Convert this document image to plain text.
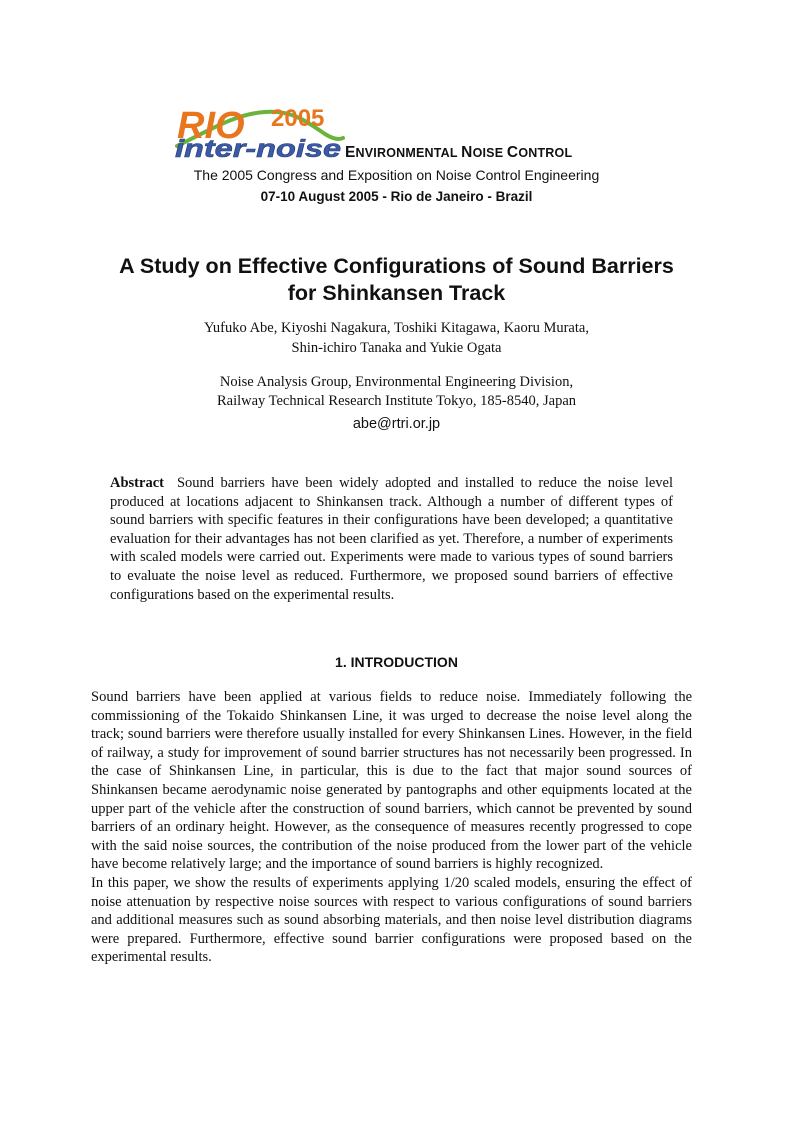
RIO 2005
inter-noise ENVIRONMENTAL NOISE CONTROL
The 2005 Congress and Exposition on Noise Control Engineering
07-10 August 2005 - Rio de Janeiro - Brazil
A Study on Effective Configurations of Sound Barriers
for Shinkansen Track
Yufuko Abe, Kiyoshi Nagakura, Toshiki Kitagawa, Kaoru Murata,
Shin-ichiro Tanaka and Yukie Ogata
Noise Analysis Group, Environmental Engineering Division,
Railway Technical Research Institute Tokyo, 185-8540, Japan
abe@rtri.or.jp
Abstract Sound barriers have been widely adopted and installed to reduce the noise level produced at locations adjacent to Shinkansen track. Although a number of different types of sound barriers with specific features in their configurations have been developed; a quantitative evaluation for their advantages has not been clarified as yet. Therefore, a number of experiments with scaled models were carried out. Experiments were made to various types of sound barriers to evaluate the noise level as reduced. Furthermore, we proposed sound barriers of effective configurations based on the experimental results.
1. INTRODUCTION

Sound barriers have been applied at various fields to reduce noise. Immediately following the commissioning of the Tokaido Shinkansen Line, it was urged to decrease the noise level along the track; sound barriers were therefore usually installed for every Shinkansen Lines. However, in the field of railway, a study for improvement of sound barrier structures has not necessarily been progressed. In the case of Shinkansen Line, in particular, this is due to the fact that major sound sources of Shinkansen became aerodynamic noise generated by pantographs and other equipments located at the upper part of the vehicle after the construction of sound barriers, which cannot be prevented by sound barriers of an ordinary height. However, as the consequence of measures recently progressed to cope with the said noise sources, the contribution of the noise produced from the lower part of the vehicle have become relatively large; and the importance of sound barriers is highly recognized.

In this paper, we show the results of experiments applying 1/20 scaled models, ensuring the effect of noise attenuation by respective noise sources with respect to various configurations of sound barriers and additional measures such as sound absorbing materials, and then noise level distribution diagrams were prepared. Furthermore, effective sound barrier configurations were proposed based on the experimental results.
